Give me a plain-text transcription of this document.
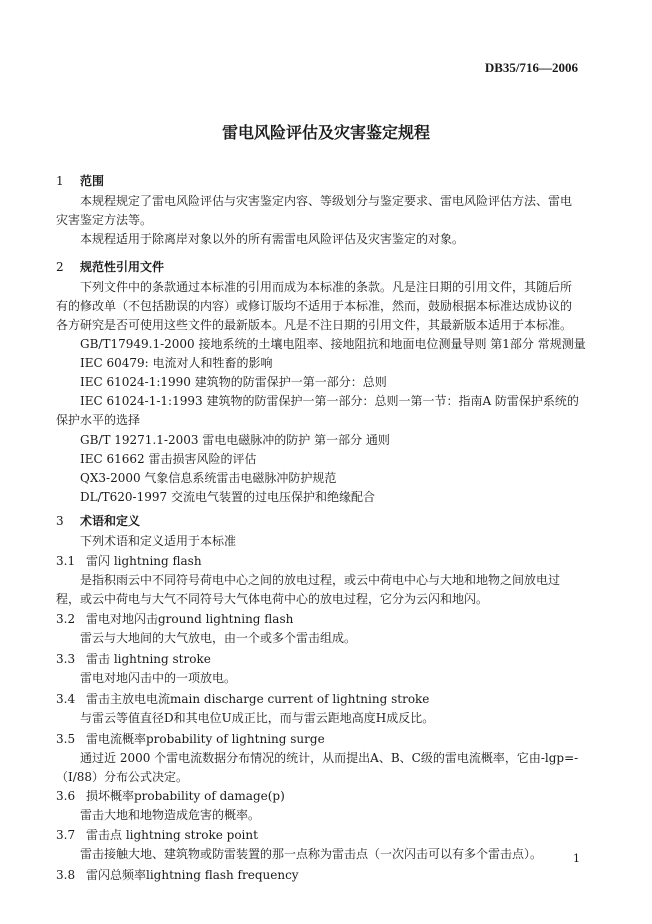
DB35/716—2006
雷电风险评估及灾害鉴定规程
1 范围
本规程规定了雷电风险评估与灾害鉴定内容、等级划分与鉴定要求、雷电风险评估方法、雷电灾害鉴定方法等。
本规程适用于除离岸对象以外的所有需雷电风险评估及灾害鉴定的对象。
2 规范性引用文件
下列文件中的条款通过本标准的引用而成为本标准的条款。凡是注日期的引用文件，其随后所有的修改单（不包括勘误的内容）或修订版均不适用于本标准，然而，鼓励根据本标准达成协议的各方研究是否可使用这些文件的最新版本。凡是不注日期的引用文件，其最新版本适用于本标准。
GB/T17949.1-2000 接地系统的土壤电阻率、接地阻抗和地面电位测量导则 第1部分 常规测量
IEC 60479: 电流对人和牲畜的影响
IEC 61024-1:1990 建筑物的防雷保护一第一部分：总则
IEC 61024-1-1:1993 建筑物的防雷保护一第一部分：总则一第一节：指南A 防雷保护系统的保护水平的选择
GB/T 19271.1-2003 雷电电磁脉冲的防护 第一部分 通则
IEC 61662 雷击损害风险的评估
QX3-2000 气象信息系统雷击电磁脉冲防护规范
DL/T620-1997 交流电气装置的过电压保护和绝缘配合
3 术语和定义
下列术语和定义适用于本标准
3.1 雷闪 lightning flash
是指积雨云中不同符号荷电中心之间的放电过程，或云中荷电中心与大地和地物之间放电过程，或云中荷电与大气不同符号大气体电荷中心的放电过程，它分为云闪和地闪。
3.2 雷电对地闪击ground lightning flash
雷云与大地间的大气放电，由一个或多个雷击组成。
3.3 雷击 lightning stroke
雷电对地闪击中的一项放电。
3.4 雷击主放电电流main discharge current of lightning stroke
与雷云等值直径D和其电位U成正比，而与雷云距地高度H成反比。
3.5 雷电流概率probability of lightning surge
通过近 2000 个雷电流数据分布情况的统计，从而提出A、B、C级的雷电流概率，它由-lgp=-（I/88）分布公式决定。
3.6 损坏概率probability of damage(p)
雷击大地和地物造成危害的概率。
3.7 雷击点 lightning stroke point
雷击接触大地、建筑物或防雷装置的那一点称为雷击点（一次闪击可以有多个雷击点）。
3.8 雷闪总频率lightning flash frequency
1
